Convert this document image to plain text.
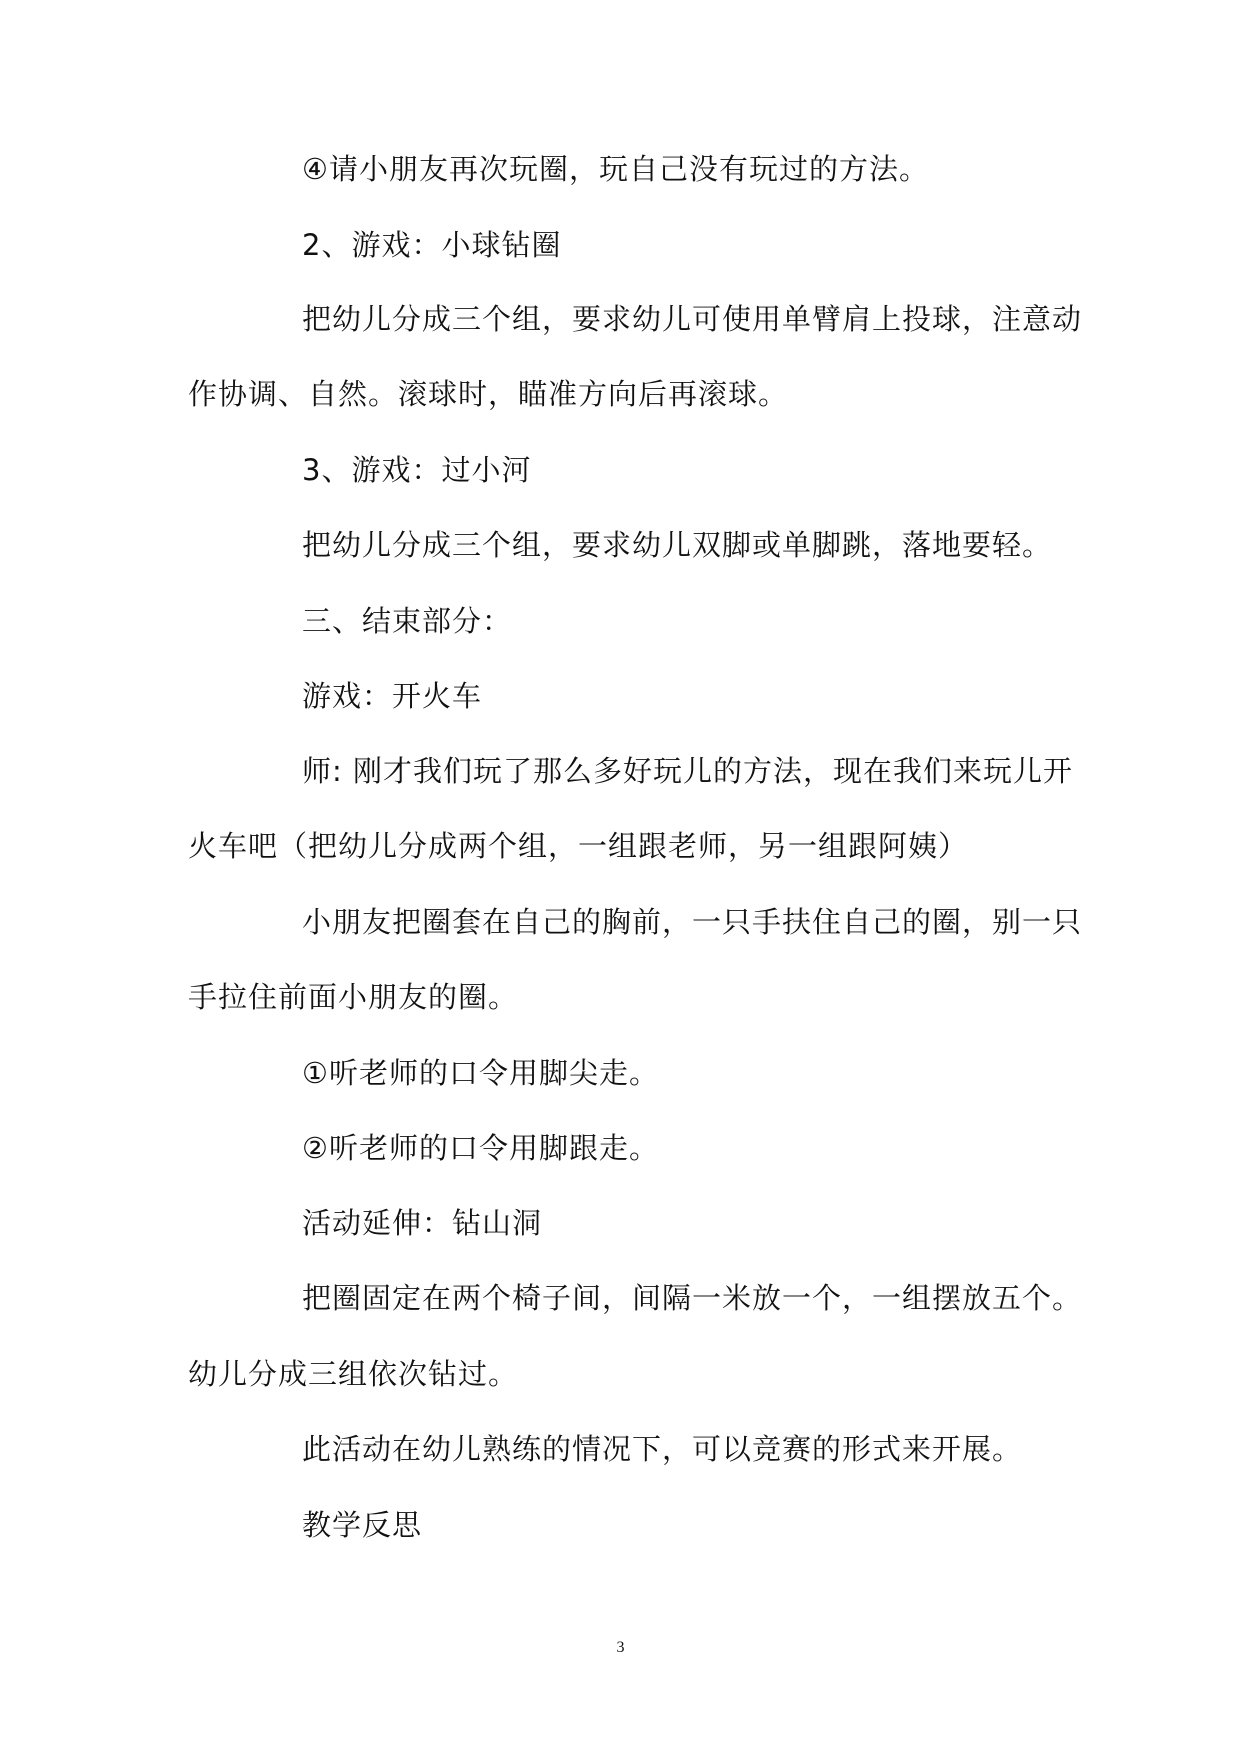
④请小朋友再次玩圈，玩自己没有玩过的方法。
2、游戏：小球钻圈
把幼儿分成三个组，要求幼儿可使用单臂肩上投球，注意动
作协调、自然。滚球时，瞄准方向后再滚球。
3、游戏：过小河
把幼儿分成三个组，要求幼儿双脚或单脚跳，落地要轻。
三、结束部分：
游戏：开火车
师: 刚才我们玩了那么多好玩儿的方法，现在我们来玩儿开
火车吧（把幼儿分成两个组，一组跟老师，另一组跟阿姨）
小朋友把圈套在自己的胸前，一只手扶住自己的圈，别一只
手拉住前面小朋友的圈。
①听老师的口令用脚尖走。
②听老师的口令用脚跟走。
活动延伸：钻山洞
把圈固定在两个椅子间，间隔一米放一个，一组摆放五个。
幼儿分成三组依次钻过。
此活动在幼儿熟练的情况下，可以竞赛的形式来开展。
教学反思
3
